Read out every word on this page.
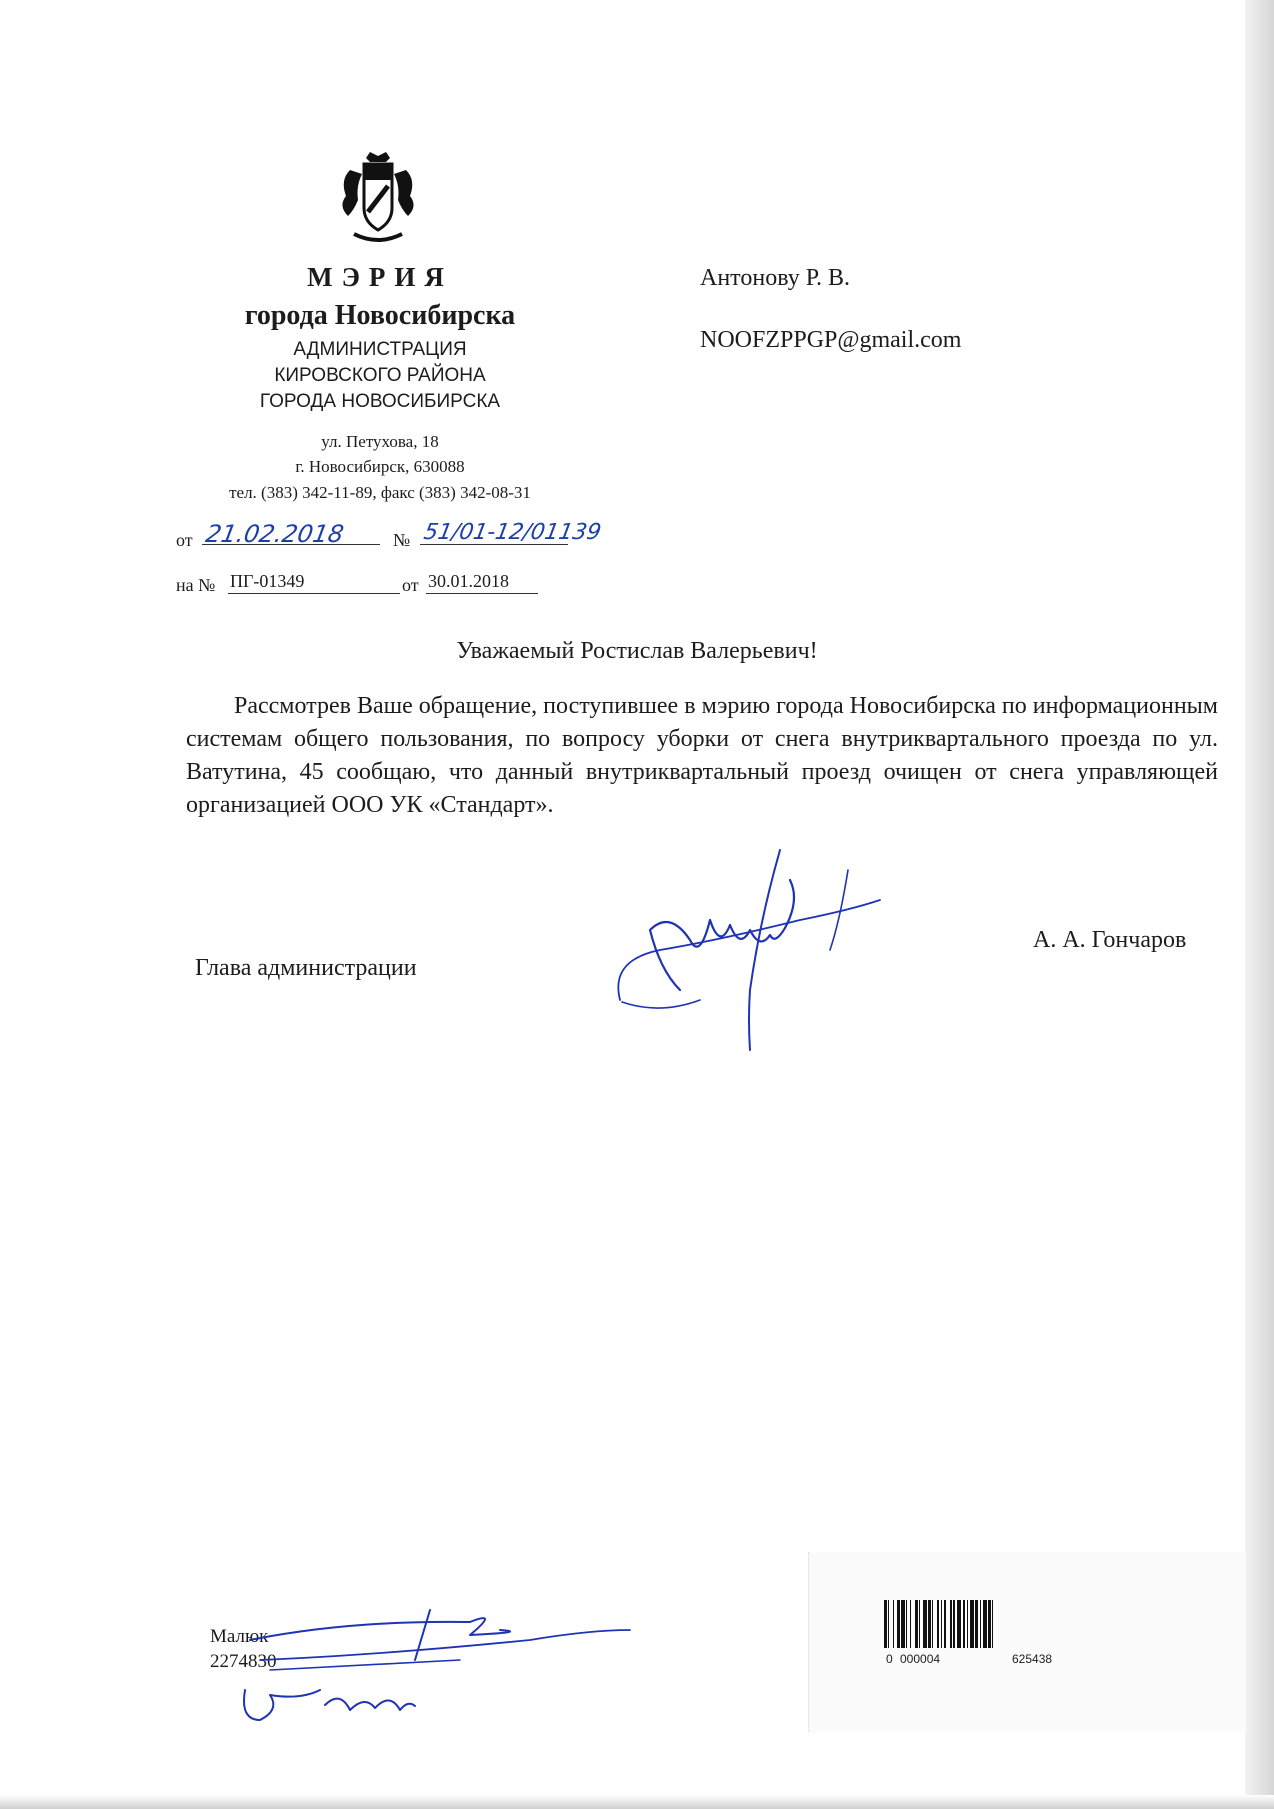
МЭРИЯ
города Новосибирска
АДМИНИСТРАЦИЯ
КИРОВСКОГО РАЙОНА
ГОРОДА НОВОСИБИРСКА
ул. Петухова, 18
г. Новосибирск, 630088
тел. (383) 342-11-89, факс (383) 342-08-31
от 21.02.2018	№ 51/01-12/01139
на № ПГ-01349	от 30.01.2018
Антонову Р. В.
NOOFZPPGP@gmail.com
Уважаемый Ростислав Валерьевич!
Рассмотрев Ваше обращение, поступившее в мэрию города Новосибирска по информационным системам общего пользования, по вопросу уборки от снега внутриквартального проезда по ул. Ватутина, 45 сообщаю, что данный внутриквартальный проезд очищен от снега управляющей организацией ООО УК «Стандарт».
Глава администрации
А. А. Гончаров
Малюк
2274830	0 000004	625438
